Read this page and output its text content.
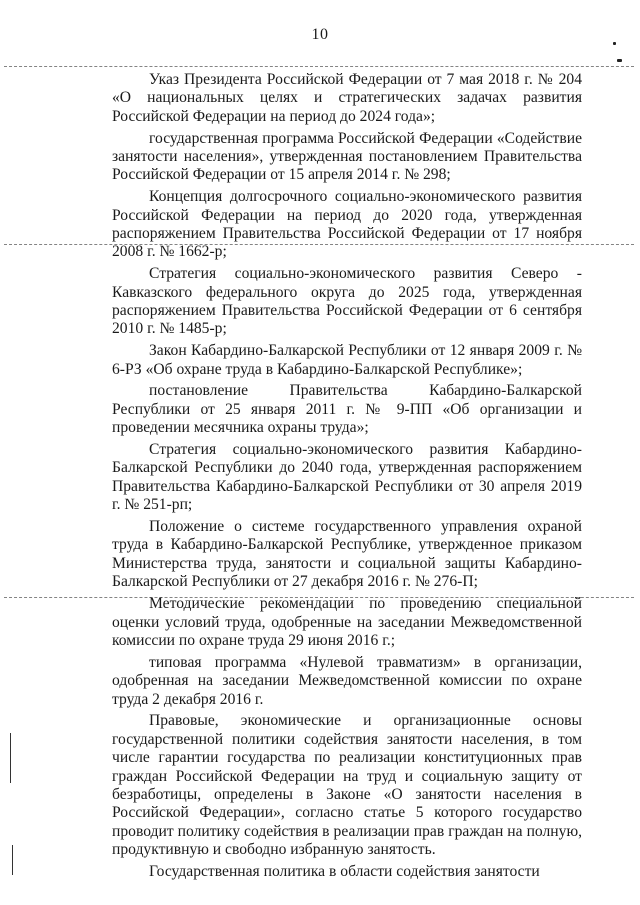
10

Указ Президента Российской Федерации от 7 мая 2018 г. № 204 «О национальных целях и стратегических задачах развития Российской Федерации на период до 2024 года»;

государственная программа Российской Федерации «Содействие занятости населения», утвержденная постановлением Правительства Российской Федерации от 15 апреля 2014 г. № 298;

Концепция долгосрочного социально-экономического развития Российской Федерации на период до 2020 года, утвержденная распоряжением Правительства Российской Федерации от 17 ноября 2008 г. № 1662-р;

Стратегия социально-экономического развития Северо - Кавказского федерального округа до 2025 года, утвержденная распоряжением Правительства Российской Федерации от 6 сентября 2010 г. № 1485-р;

Закон Кабардино-Балкарской Республики от 12 января 2009 г. № 6-РЗ «Об охране труда в Кабардино-Балкарской Республике»;

постановление Правительства Кабардино-Балкарской Республики от 25 января 2011 г. № 9-ПП «Об организации и проведении месячника охраны труда»;

Стратегия социально-экономического развития Кабардино-Балкарской Республики до 2040 года, утвержденная распоряжением Правительства Кабардино-Балкарской Республики от 30 апреля 2019 г. № 251-рп;

Положение о системе государственного управления охраной труда в Кабардино-Балкарской Республике, утвержденное приказом Министерства труда, занятости и социальной защиты Кабардино-Балкарской Республики от 27 декабря 2016 г. № 276-П;

Методические рекомендации по проведению специальной оценки условий труда, одобренные на заседании Межведомственной комиссии по охране труда 29 июня 2016 г.;

типовая программа «Нулевой травматизм» в организации, одобренная на заседании Межведомственной комиссии по охране труда 2 декабря 2016 г.

Правовые, экономические и организационные основы государственной политики содействия занятости населения, в том числе гарантии государства по реализации конституционных прав граждан Российской Федерации на труд и социальную защиту от безработицы, определены в Законе «О занятости населения в Российской Федерации», согласно статье 5 которого государство проводит политику содействия в реализации прав граждан на полную, продуктивную и свободно избранную занятость.

Государственная политика в области содействия занятости
